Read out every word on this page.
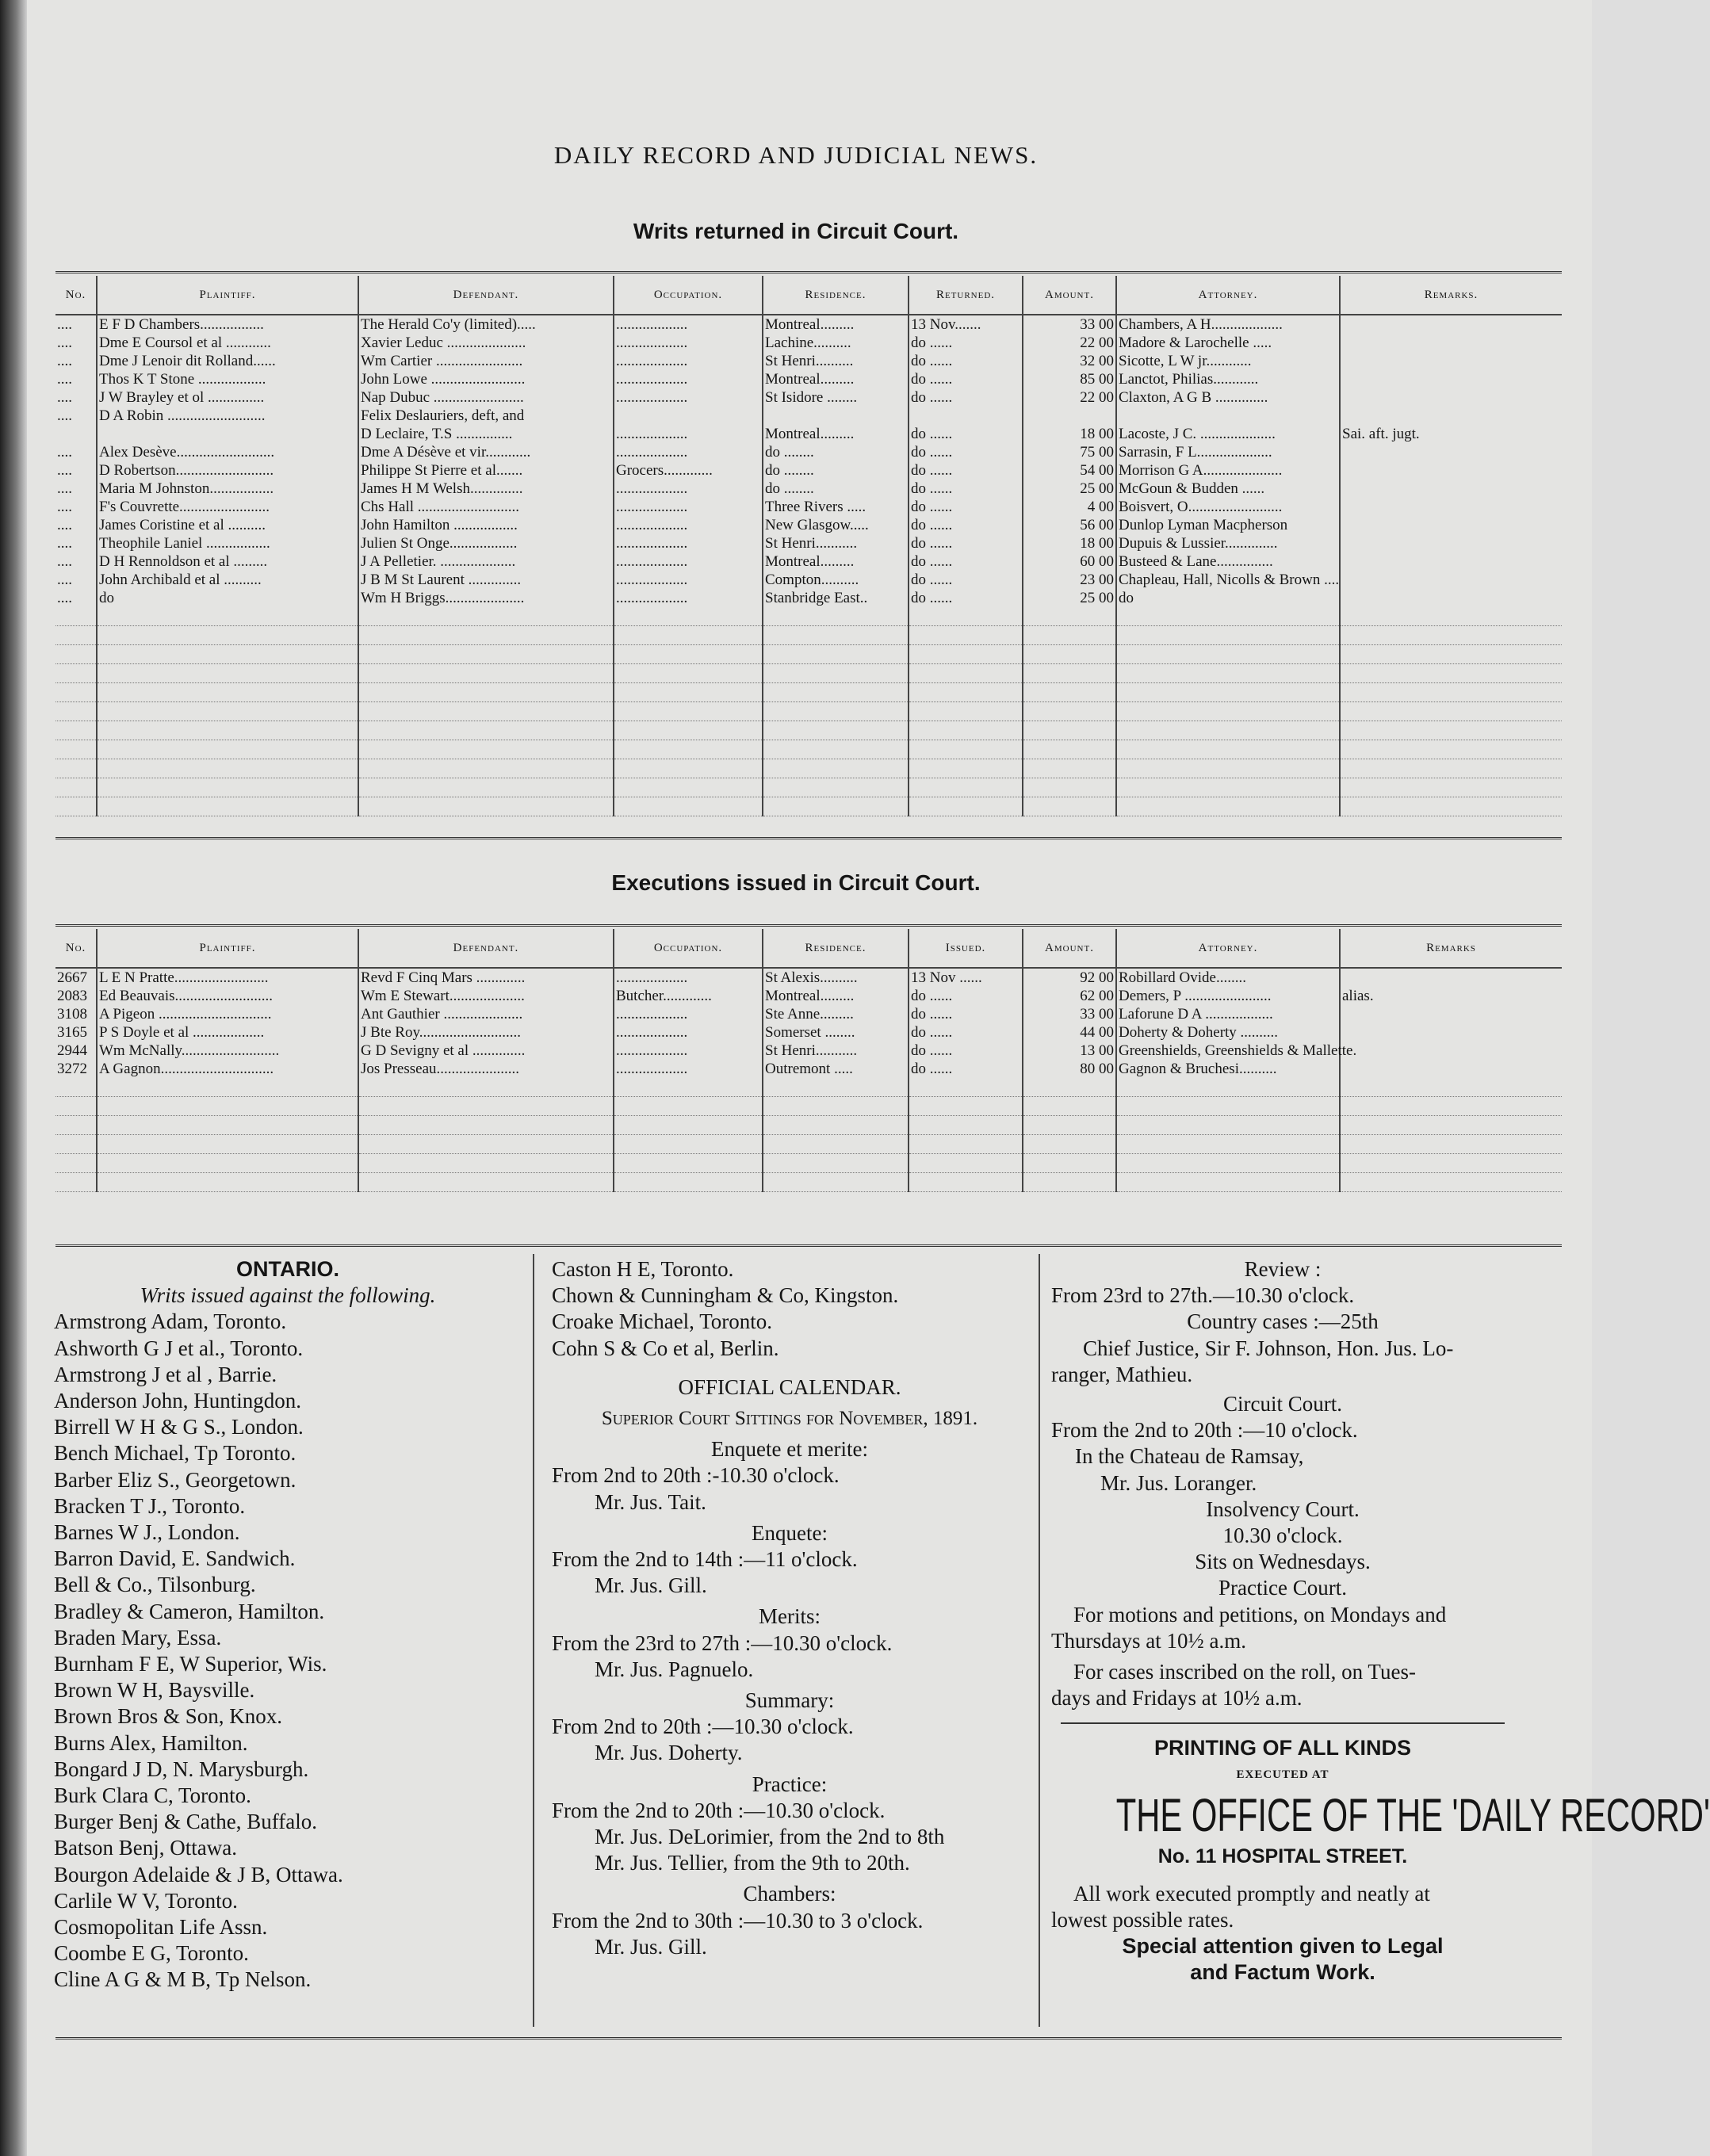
DAILY RECORD AND JUDICIAL NEWS.
Writs returned in Circuit Court.
No.	Plaintiff.	Defendant.	Occupation.	Residence.	Returned.	Amount.	Attorney.	Remarks.
....	E F D Chambers.................	The Herald Co'y (limited).....	...................	Montreal.........	13 Nov.......	33 00	Chambers, A H...................	
....	Dme E Coursol et al ............	Xavier Leduc .....................	...................	Lachine..........	do ......	22 00	Madore & Larochelle .....	
....	Dme J Lenoir dit Rolland......	Wm Cartier .......................	...................	St Henri..........	do ......	32 00	Sicotte, L W jr............	
....	Thos K T Stone ..................	John Lowe .........................	...................	Montreal.........	do ......	85 00	Lanctot, Philias............	
....	J W Brayley et ol ...............	Nap Dubuc ........................	...................	St Isidore ........	do ......	22 00	Claxton, A G B ..............	
....	D A Robin ..........................	Felix Deslauriers, deft, and						
		D Leclaire, T.S ...............	...................	Montreal.........	do ......	18 00	Lacoste, J C. ....................	Sai. aft. jugt.
....	Alex Desève..........................	Dme A Désève et vir............	...................	do ........	do ......	75 00	Sarrasin, F L....................	
....	D Robertson..........................	Philippe St Pierre et al.......	Grocers.............	do ........	do ......	54 00	Morrison G A.....................	
....	Maria M Johnston.................	James H M Welsh..............	...................	do ........	do ......	25 00	McGoun & Budden ......	
....	F's Couvrette........................	Chs Hall ...........................	...................	Three Rivers .....	do ......	4 00	Boisvert, O.........................	
....	James Coristine et al ..........	John Hamilton .................	...................	New Glasgow.....	do ......	56 00	Dunlop Lyman Macpherson	
....	Theophile Laniel .................	Julien St Onge..................	...................	St Henri...........	do ......	18 00	Dupuis & Lussier..............	
....	D H Rennoldson et al .........	J A Pelletier. ....................	...................	Montreal.........	do ......	60 00	Busteed & Lane...............	
....	John Archibald et al ..........	J B M St Laurent ..............	...................	Compton..........	do ......	23 00	Chapleau, Hall, Nicolls & Brown ....	
....	do	Wm H Briggs.....................	...................	Stanbridge East..	do ......	25 00	do	

Executions issued in Circuit Court.
No.	Plaintiff.	Defendant.	Occupation.	Residence.	Issued.	Amount.	Attorney.	Remarks
2667	L E N Pratte.........................	Revd F Cinq Mars .............	...................	St Alexis..........	13 Nov ......	92 00	Robillard Ovide........	
2083	Ed Beauvais..........................	Wm E Stewart....................	Butcher.............	Montreal.........	do ......	62 00	Demers, P .......................	alias.
3108	A Pigeon ..............................	Ant Gauthier .....................	...................	Ste Anne.........	do ......	33 00	Laforune D A ..................	
3165	P S Doyle et al ...................	J Bte Roy...........................	...................	Somerset ........	do ......	44 00	Doherty & Doherty ..........	
2944	Wm McNally..........................	G D Sevigny et al ..............	...................	St Henri...........	do ......	13 00	Greenshields, Greenshields & Mallette.	
3272	A Gagnon..............................	Jos Presseau......................	...................	Outremont .....	do ......	80 00	Gagnon & Bruchesi..........	

ONTARIO.

Writs issued against the following.

Armstrong Adam, Toronto.

Ashworth G J et al., Toronto.

Armstrong J et al , Barrie.

Anderson John, Huntingdon.

Birrell W H & G S., London.

Bench Michael, Tp Toronto.

Barber Eliz S., Georgetown.

Bracken T J., Toronto.

Barnes W J., London.

Barron David, E. Sandwich.

Bell & Co., Tilsonburg.

Bradley & Cameron, Hamilton.

Braden Mary, Essa.

Burnham F E, W Superior, Wis.

Brown W H, Baysville.

Brown Bros & Son, Knox.

Burns Alex, Hamilton.

Bongard J D, N. Marysburgh.

Burk Clara C, Toronto.

Burger Benj & Cathe, Buffalo.

Batson Benj, Ottawa.

Bourgon Adelaide & J B, Ottawa.

Carlile W V, Toronto.

Cosmopolitan Life Assn.

Coombe E G, Toronto.

Cline A G & M B, Tp Nelson.

Caston H E, Toronto.

Chown & Cunningham & Co, Kingston.

Croake Michael, Toronto.

Cohn S & Co et al, Berlin.

OFFICIAL CALENDAR.

Superior Court Sittings for November, 1891.

Enquete et merite:

From 2nd to 20th :-10.30 o'clock.

Mr. Jus. Tait.

Enquete:

From the 2nd to 14th :—11 o'clock.

Mr. Jus. Gill.

Merits:

From the 23rd to 27th :—10.30 o'clock.

Mr. Jus. Pagnuelo.

Summary:

From 2nd to 20th :—10.30 o'clock.

Mr. Jus. Doherty.

Practice:

From the 2nd to 20th :—10.30 o'clock.

Mr. Jus. DeLorimier, from the 2nd to 8th

Mr. Jus. Tellier, from the 9th to 20th.

Chambers:

From the 2nd to 30th :—10.30 to 3 o'clock.

Mr. Jus. Gill.

Review :

From 23rd to 27th.—10.30 o'clock.

Country cases :—25th

Chief Justice, Sir F. Johnson, Hon. Jus. Lo-

ranger, Mathieu.

Circuit Court.

From the 2nd to 20th :—10 o'clock.

In the Chateau de Ramsay,

Mr. Jus. Loranger.

Insolvency Court.

10.30 o'clock.

Sits on Wednesdays.

Practice Court.

For motions and petitions, on Mondays and

Thursdays at 10½ a.m.

For cases inscribed on the roll, on Tues-

days and Fridays at 10½ a.m.

PRINTING OF ALL KINDS

EXECUTED AT

THE OFFICE OF THE 'DAILY RECORD'

No. 11 HOSPITAL STREET.

All work executed promptly and neatly at

lowest possible rates.

Special attention given to Legal

and Factum Work.
